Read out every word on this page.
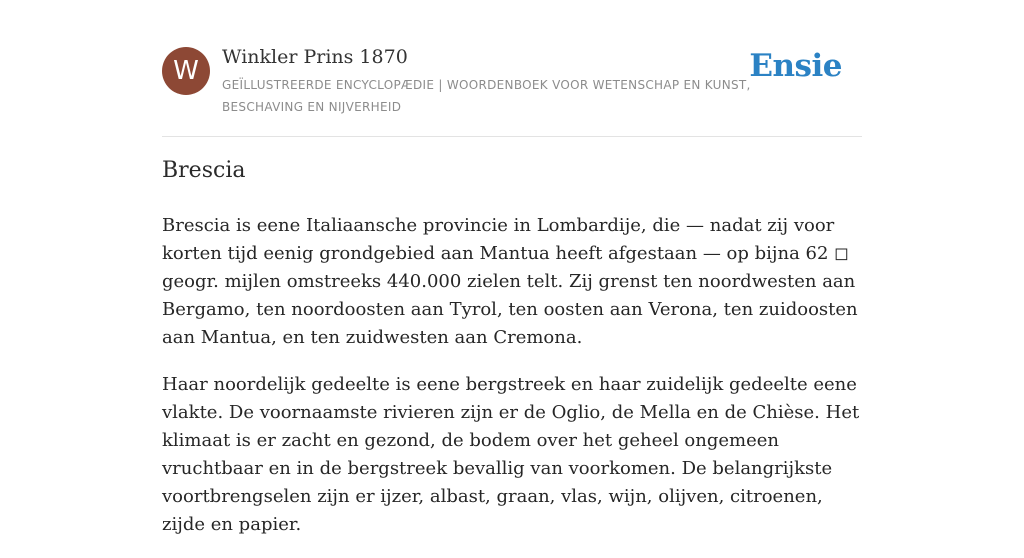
W	Winkler Prins 1870
GEÏLLUSTREERDE ENCYCLOPÆDIE | WOORDENBOEK VOOR WETENSCHAP EN KUNST, BESCHAVING EN NIJVERHEID
Ensie
Brescia

Brescia is eene Italiaansche provincie in Lombardije, die — nadat zij voor korten tijd eenig grondgebied aan Mantua heeft afgestaan — op bijna 62 ◻ geogr. mijlen omstreeks 440.000 zielen telt. Zij grenst ten noordwesten aan Bergamo, ten noordoosten aan Tyrol, ten oosten aan Verona, ten zuidoosten aan Mantua, en ten zuidwesten aan Cremona.

Haar noordelijk gedeelte is eene bergstreek en haar zuidelijk gedeelte eene vlakte. De voornaamste rivieren zijn er de Oglio, de Mella en de Chièse. Het klimaat is er zacht en gezond, de bodem over het geheel ongemeen vruchtbaar en in de bergstreek bevallig van voorkomen. De belangrijkste voortbrengselen zijn er ijzer, albast, graan, vlas, wijn, olijven, citroenen, zijde en papier.
